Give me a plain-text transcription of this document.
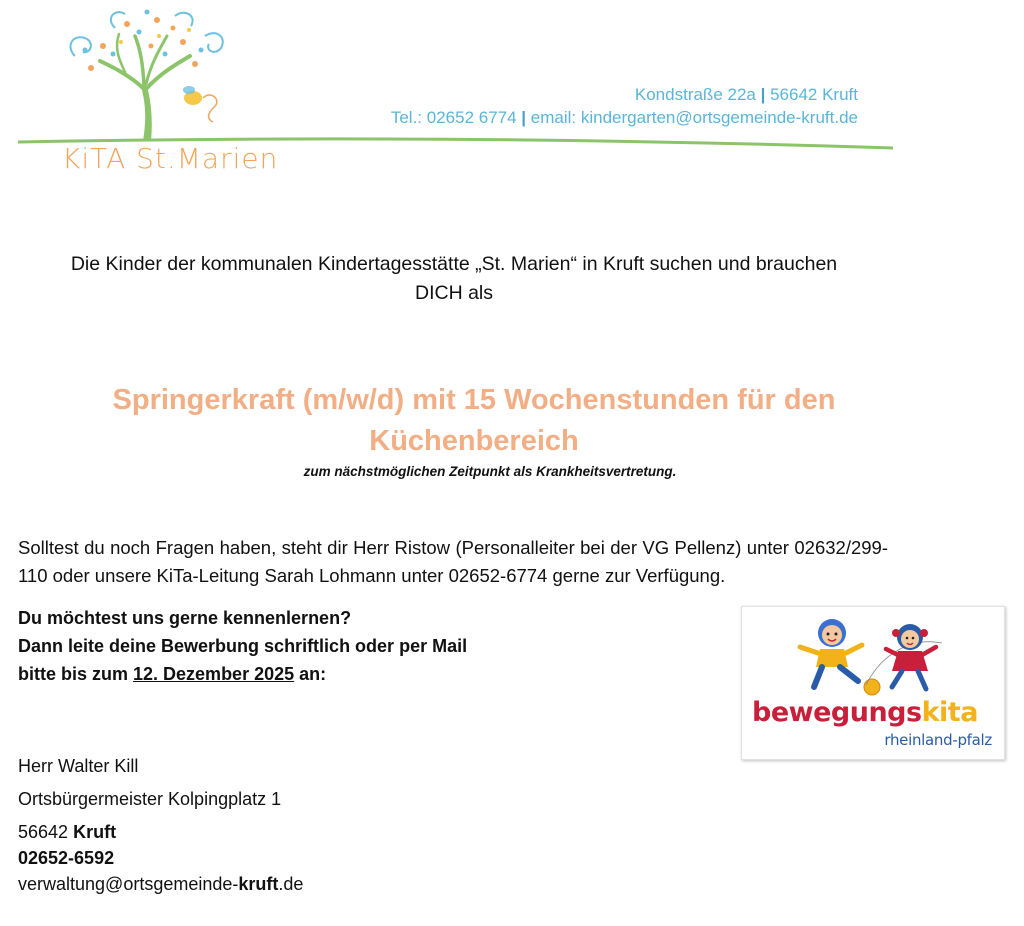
KiTA St.Marien
Kondstraße 22a | 56642 Kruft
Tel.: 02652 6774 | email: kindergarten@ortsgemeinde-kruft.de
Die Kinder der kommunalen Kindertagesstätte „St. Marien“ in Kruft suchen und brauchen
DICH als
Springerkraft (m/w/d) mit 15 Wochenstunden für den
Küchenbereich
zum nächstmöglichen Zeitpunkt als Krankheitsvertretung.
Solltest du noch Fragen haben, steht dir Herr Ristow (Personalleiter bei der VG Pellenz) unter 02632/299-110 oder unsere KiTa-Leitung Sarah Lohmann unter 02652-6774 gerne zur Verfügung.
Du möchtest uns gerne kennenlernen?
Dann leite deine Bewerbung schriftlich oder per Mail
bitte bis zum 12. Dezember 2025 an:
bewegungskita
rheinland-pfalz
Herr Walter Kill
Ortsbürgermeister Kolpingplatz 1
56642 Kruft
02652-6592
verwaltung@ortsgemeinde-kruft.de
